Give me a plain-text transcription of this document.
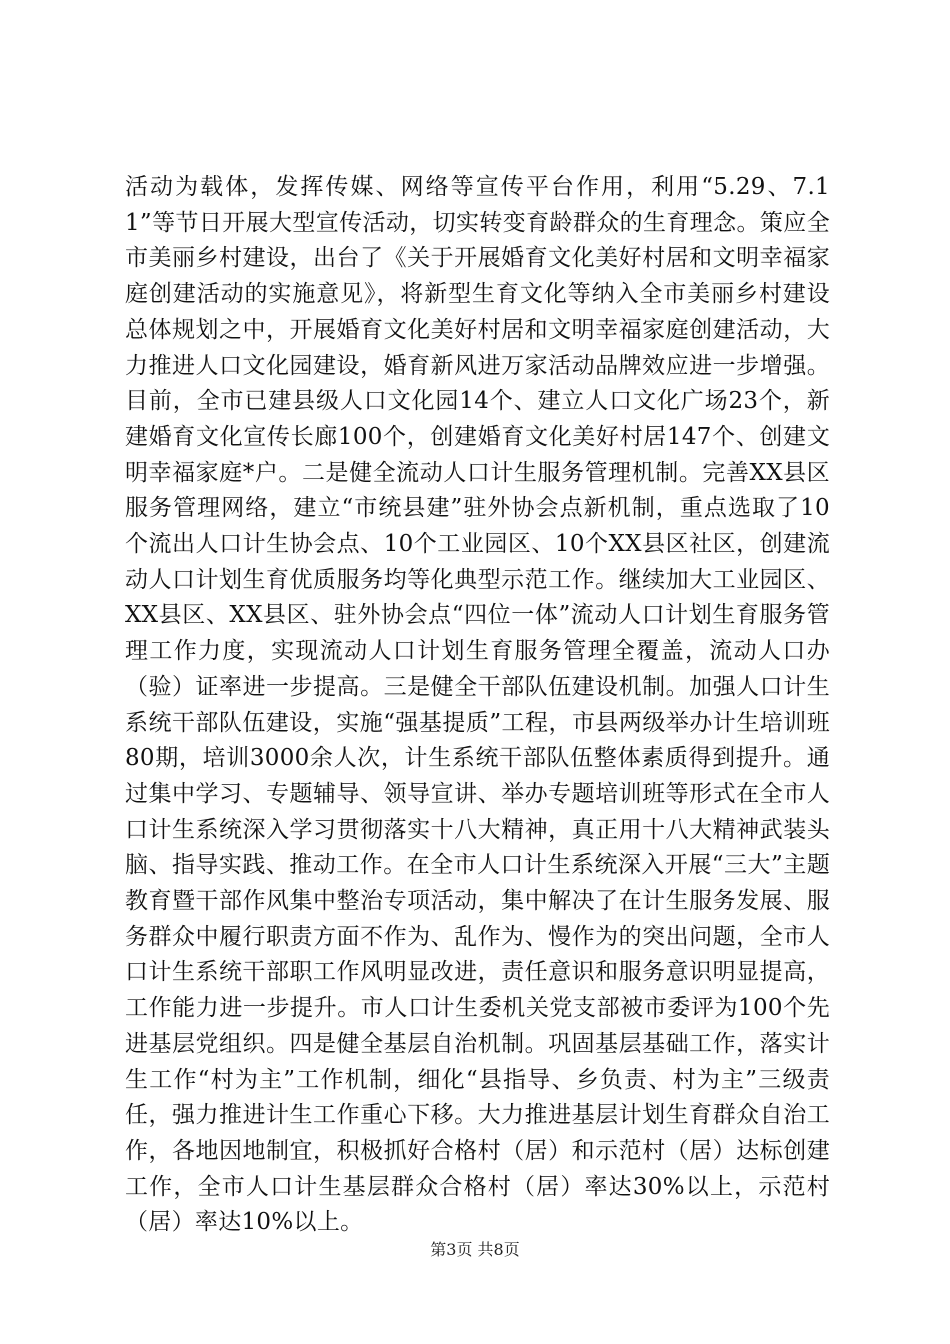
活动为载体，发挥传媒、网络等宣传平台作用，利用“5.29、7.11”等节日开展大型宣传活动，切实转变育龄群众的生育理念。策应全市美丽乡村建设，出台了《关于开展婚育文化美好村居和文明幸福家庭创建活动的实施意见》，将新型生育文化等纳入全市美丽乡村建设总体规划之中，开展婚育文化美好村居和文明幸福家庭创建活动，大力推进人口文化园建设，婚育新风进万家活动品牌效应进一步增强。目前，全市已建县级人口文化园14个、建立人口文化广场23个，新建婚育文化宣传长廊100个，创建婚育文化美好村居147个、创建文明幸福家庭*户。二是健全流动人口计生服务管理机制。完善XX县区服务管理网络，建立“市统县建”驻外协会点新机制，重点选取了10个流出人口计生协会点、10个工业园区、10个XX县区社区，创建流动人口计划生育优质服务均等化典型示范工作。继续加大工业园区、XX县区、XX县区、驻外协会点“四位一体”流动人口计划生育服务管理工作力度，实现流动人口计划生育服务管理全覆盖，流动人口办（验）证率进一步提高。三是健全干部队伍建设机制。加强人口计生系统干部队伍建设，实施“强基提质”工程，市县两级举办计生培训班80期，培训3000余人次，计生系统干部队伍整体素质得到提升。通过集中学习、专题辅导、领导宣讲、举办专题培训班等形式在全市人口计生系统深入学习贯彻落实十八大精神，真正用十八大精神武装头脑、指导实践、推动工作。在全市人口计生系统深入开展“三大”主题教育暨干部作风集中整治专项活动，集中解决了在计生服务发展、服务群众中履行职责方面不作为、乱作为、慢作为的突出问题，全市人口计生系统干部职工作风明显改进，责任意识和服务意识明显提高，工作能力进一步提升。市人口计生委机关党支部被市委评为100个先进基层党组织。四是健全基层自治机制。巩固基层基础工作，落实计生工作“村为主”工作机制，细化“县指导、乡负责、村为主”三级责任，强力推进计生工作重心下移。大力推进基层计划生育群众自治工作，各地因地制宜，积极抓好合格村（居）和示范村（居）达标创建工作，全市人口计生基层群众合格村（居）率达30%以上，示范村（居）率达10%以上。

第3页 共8页
